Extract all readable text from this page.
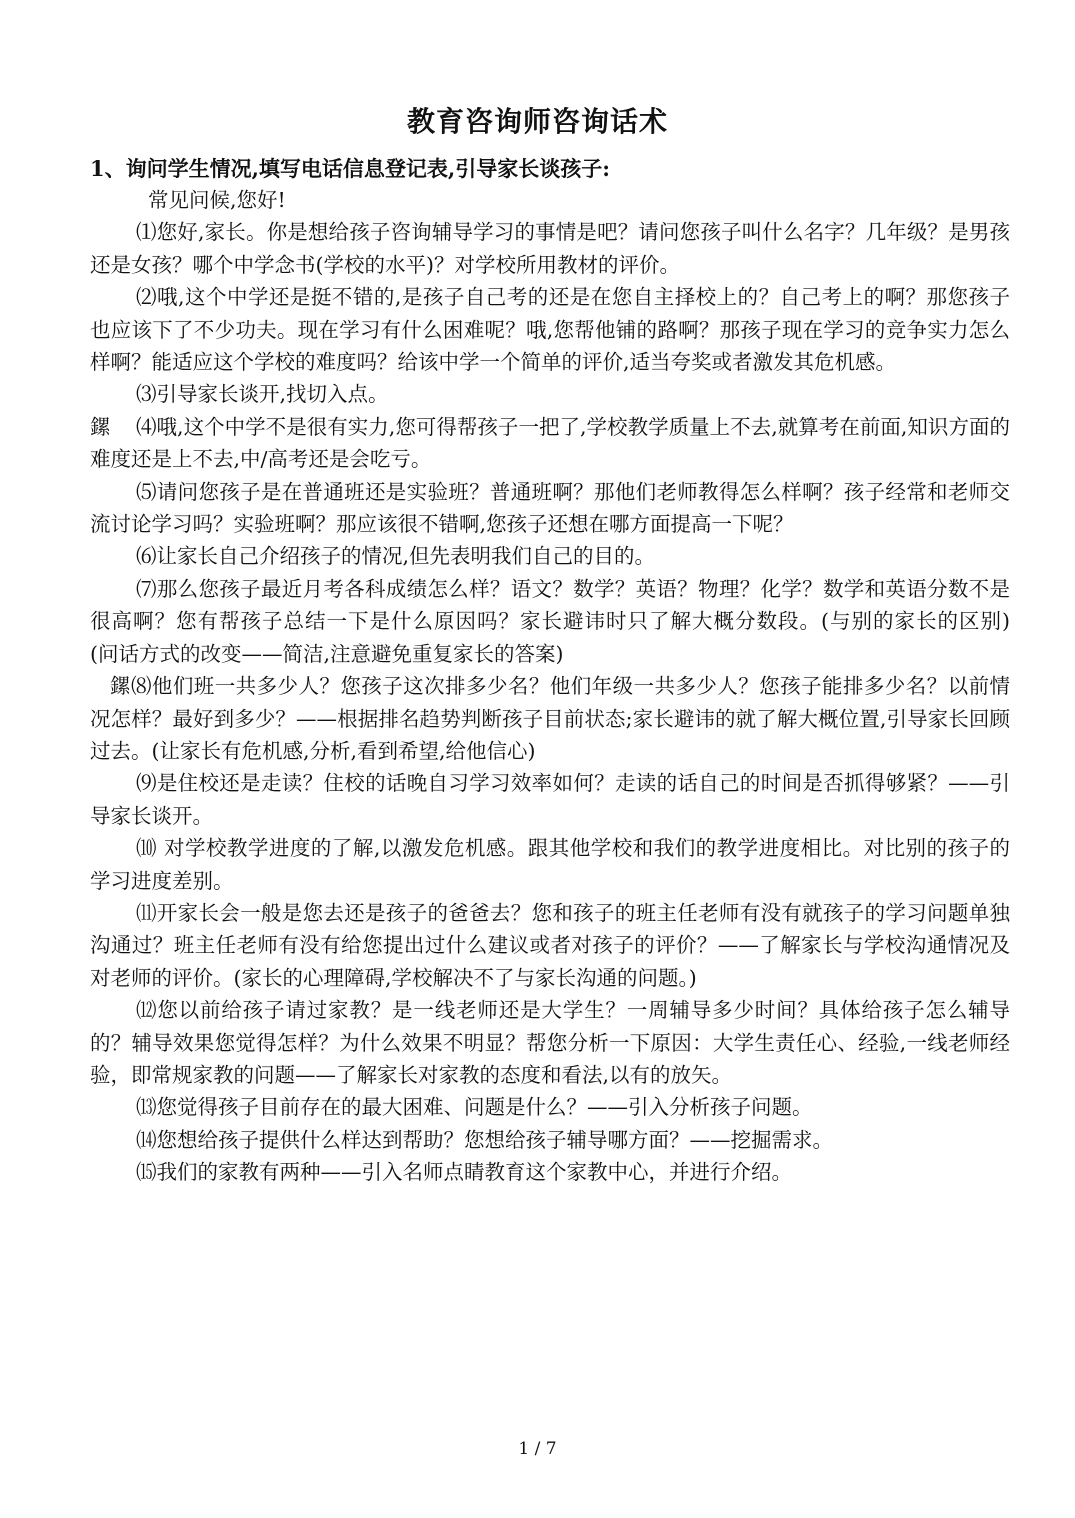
教育咨询师咨询话术
1、询问学生情况,填写电话信息登记表,引导家长谈孩子:

常见问候,您好!

⑴您好,家长。你是想给孩子咨询辅导学习的事情是吧？请问您孩子叫什么名字？几年级？是男孩还是女孩？哪个中学念书(学校的水平)？对学校所用教材的评价。

⑵哦,这个中学还是挺不错的,是孩子自己考的还是在您自主择校上的？自己考上的啊？那您孩子也应该下了不少功夫。现在学习有什么困难呢？哦,您帮他铺的路啊？那孩子现在学习的竞争实力怎么样啊？能适应这个学校的难度吗？给该中学一个简单的评价,适当夸奖或者激发其危机感。

⑶引导家长谈开,找切入点。

鏍 ⑷哦,这个中学不是很有实力,您可得帮孩子一把了,学校教学质量上不去,就算考在前面,知识方面的难度还是上不去,中/高考还是会吃亏。

⑸请问您孩子是在普通班还是实验班？普通班啊？那他们老师教得怎么样啊？孩子经常和老师交流讨论学习吗？实验班啊？那应该很不错啊,您孩子还想在哪方面提高一下呢？

⑹让家长自己介绍孩子的情况,但先表明我们自己的目的。

⑺那么您孩子最近月考各科成绩怎么样？语文？数学？英语？物理？化学？数学和英语分数不是很高啊？您有帮孩子总结一下是什么原因吗？家长避讳时只了解大概分数段。(与别的家长的区别)　(问话方式的改变——简洁,注意避免重复家长的答案)

鏍⑻他们班一共多少人？您孩子这次排多少名？他们年级一共多少人？您孩子能排多少名？以前情况怎样？最好到多少？——根据排名趋势判断孩子目前状态;家长避讳的就了解大概位置,引导家长回顾过去。(让家长有危机感,分析,看到希望,给他信心)

⑼是住校还是走读？住校的话晚自习学习效率如何？走读的话自己的时间是否抓得够紧？——引导家长谈开。

⑽ 对学校教学进度的了解,以激发危机感。跟其他学校和我们的教学进度相比。对比别的孩子的学习进度差别。

⑾开家长会一般是您去还是孩子的爸爸去？您和孩子的班主任老师有没有就孩子的学习问题单独沟通过？班主任老师有没有给您提出过什么建议或者对孩子的评价？——了解家长与学校沟通情况及对老师的评价。(家长的心理障碍,学校解决不了与家长沟通的问题。)

⑿您以前给孩子请过家教？是一线老师还是大学生？一周辅导多少时间？具体给孩子怎么辅导的？辅导效果您觉得怎样？为什么效果不明显？帮您分析一下原因：大学生责任心、经验,一线老师经验，即常规家教的问题——了解家长对家教的态度和看法,以有的放矢。

⒀您觉得孩子目前存在的最大困难、问题是什么？——引入分析孩子问题。

⒁您想给孩子提供什么样达到帮助？您想给孩子辅导哪方面？——挖掘需求。

⒂我们的家教有两种——引入名师点睛教育这个家教中心，并进行介绍。

1 / 7
